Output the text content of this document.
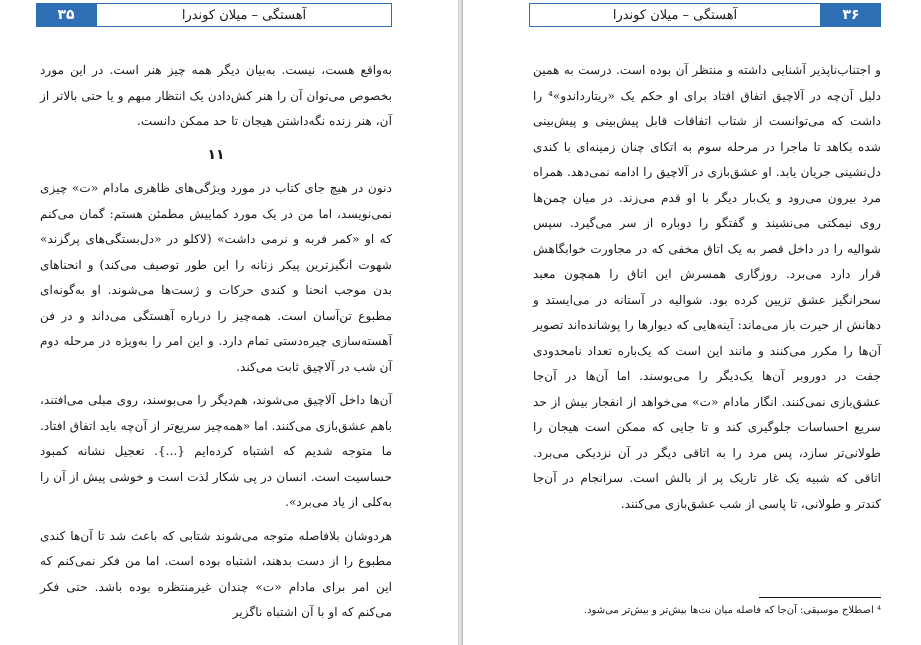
۳۵	آهستگی – میلان کوندرا

به‌واقع هست، نیست. به‌بیان دیگر همه چیز هنر است. در این مورد بخصوص می‌توان آن را هنر کش‌دادن یک انتظار مبهم و یا حتی بالاتر از آن، هنر زنده نگه‌داشتن هیجان تا حد ممکن دانست.

۱۱

دنون در هیچ جای کتاب در مورد ویژگی‌های ظاهری مادام «ت» چیزی نمی‌نویسد، اما من در یک مورد کماییش مطمئن هستم: گمان می‌کنم که او «کمر فربه و نرمی داشت» (لاکلو در «دل‌بستگی‌های پرگزند» شهوت انگیزترین پیکر زنانه را این طور توصیف می‌کند) و انحناهای بدن موجب انحنا و کندی حرکات و ژست‌ها می‌شوند. او به‌گونه‌ای مطبوع تن‌آسان است. همه‌چیز را درباره آهستگی می‌داند و در فن آهسته‌سازی چیره‌دستی تمام دارد. و این امر را به‌ویژه در مرحله دوم آن شب در آلاچیق ثابت می‌کند.

آن‌ها داخل آلاچیق می‌شوند، هم‌دیگر را می‌بوسند، روی مبلی می‌افتند، باهم عشق‌بازی می‌کنند. اما «همه‌چیز سریع‌تر از آن‌چه باید اتفاق افتاد. ما متوجه شدیم که اشتباه کرده‌ایم {...}. تعجیل نشانه کمبود حساسیت است. انسان در پی شکار لذت است و خوشی پیش از آن را به‌کلی از یاد می‌برد».

هردوشان بلافاصله متوجه می‌شوند شتابی که باعث شد تا آن‌ها کندی مطبوع را از دست بدهند، اشتباه بوده است. اما من فکر نمی‌کنم که این امر برای مادام «ت» چندان غیرمنتظره بوده باشد. حتی فکر می‌کنم که او با آن اشتباه ناگزیر

آهستگی – میلان کوندرا	۳۶

و اجتناب‌ناپذیر آشنایی داشته و منتظر آن بوده است. درست به همین دلیل آن‌چه در آلاچیق اتفاق افتاد برای او حکم یک «ریتارداندو»⁴ را داشت که می‌توانست از شتاب اتفاقات قابل پیش‌بینی و پیش‌بینی شده بکاهد تا ماجرا در مرحله سوم به اتکای چنان زمینه‌ای با کندی دل‌نشینی جریان یابد. او عشق‌بازی در آلاچیق را ادامه نمی‌دهد. همراه مرد بیرون می‌رود و یک‌بار دیگر با او قدم می‌زند. در میان چمن‌ها روی نیمکتی می‌نشیند و گفتگو را دوباره از سر می‌گیرد. سپس شوالیه را در داخل قصر به یک اتاق مخفی که در مجاورت خوابگاهش قرار دارد می‌برد. روزگاری همسرش این اتاق را همچون معبد سحرانگیز عشق تزیین کرده بود. شوالیه در آستانه در می‌ایستد و دهانش از حیرت باز می‌ماند: آینه‌هایی که دیوارها را پوشانده‌اند تصویر آن‌ها را مکرر می‌کنند و مانند این است که یک‌باره تعداد نامحدودی جفت در دوروبر آن‌ها یک‌دیگر را می‌بوسند. اما آن‌ها در آن‌جا عشق‌بازی نمی‌کنند. انگار مادام «ت» می‌خواهد از انفجار بیش از حد سریع احساسات جلوگیری کند و تا جایی که ممکن است هیجان را طولانی‌تر سازد، پس مرد را به اتاقی دیگر در آن نزدیکی می‌برد. اتاقی که شبیه یک غار تاریک پر از بالش است. سرانجام در آن‌جا کندتر و طولانی، تا پاسی از شب عشق‌بازی می‌کنند.

⁴ اصطلاح موسیقی: آن‌جا که فاصله میان نت‌ها بیش‌تر و بیش‌تر می‌شود.
